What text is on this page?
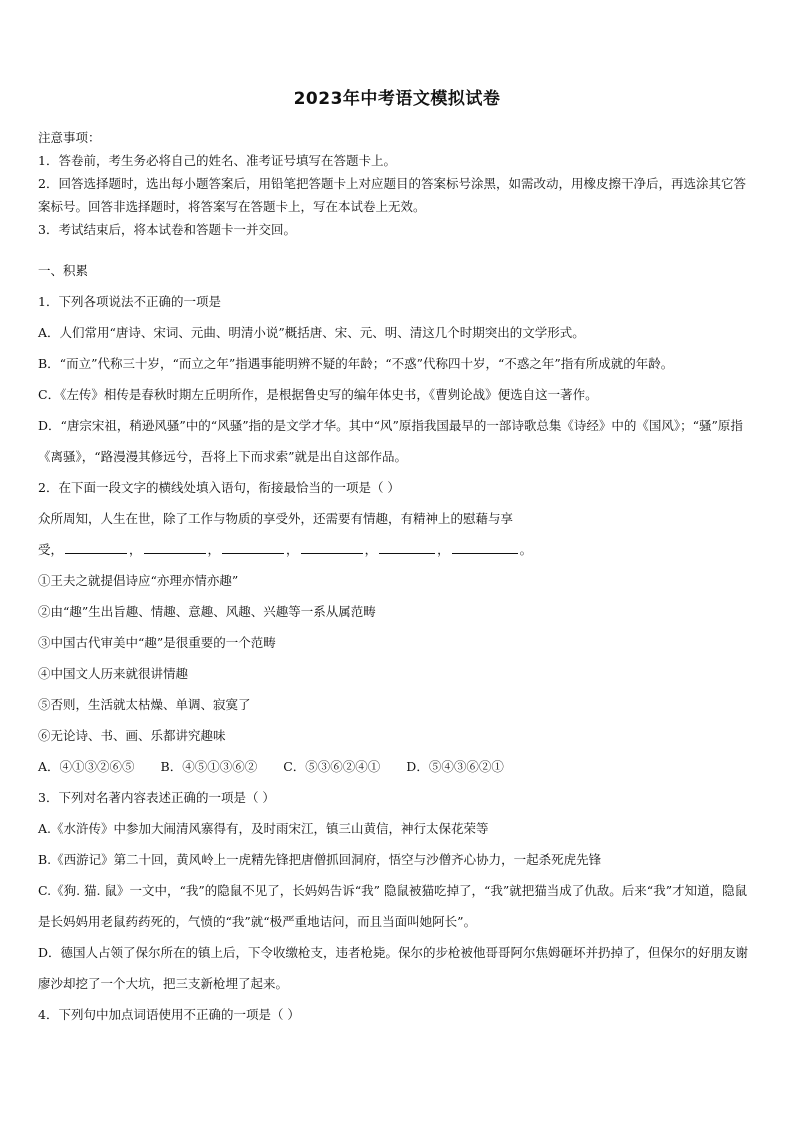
2023年中考语文模拟试卷
注意事项：
1．答卷前，考生务必将自己的姓名、准考证号填写在答题卡上。
2．回答选择题时，选出每小题答案后，用铅笔把答题卡上对应题目的答案标号涂黑，如需改动，用橡皮擦干净后，再选涂其它答案标号。回答非选择题时，将答案写在答题卡上，写在本试卷上无效。
3．考试结束后，将本试卷和答题卡一并交回。
一、积累
1．下列各项说法不正确的一项是
A．人们常用“唐诗、宋词、元曲、明清小说”概括唐、宋、元、明、清这几个时期突出的文学形式。
B．“而立”代称三十岁，“而立之年”指遇事能明辨不疑的年龄；“不惑”代称四十岁，“不惑之年”指有所成就的年龄。
C．《左传》相传是春秋时期左丘明所作，是根据鲁史写的编年体史书，《曹刿论战》便选自这一著作。
D．“唐宗宋祖，稍逊风骚”中的“风骚”指的是文学才华。其中“风”原指我国最早的一部诗歌总集《诗经》中的《国风》；“骚”原指《离骚》，“路漫漫其修远兮，吾将上下而求索”就是出自这部作品。
2．在下面一段文字的横线处填入语句，衔接最恰当的一项是（ ）
众所周知，人生在世，除了工作与物质的享受外，还需要有情趣，有精神上的慰藉与享
受，	，	，	，	，	，	。
①王夫之就提倡诗应“亦理亦情亦趣”
②由“趣”生出旨趣、情趣、意趣、风趣、兴趣等一系从属范畴
③中国古代审美中“趣”是很重要的一个范畴
④中国文人历来就很讲情趣
⑤否则，生活就太枯燥、单调、寂寞了
⑥无论诗、书、画、乐都讲究趣味
A．④①③②⑥⑤ B．④⑤①③⑥② C．⑤③⑥②④① D．⑤④③⑥②①
3．下列对名著内容表述正确的一项是（ ）
A.《水浒传》中参加大闹清风寨得有，及时雨宋江，镇三山黄信，神行太保花荣等
B.《西游记》第二十回，黄风岭上一虎精先锋把唐僧抓回洞府，悟空与沙僧齐心协力，一起杀死虎先锋
C.《狗. 猫. 鼠》一文中，“我”的隐鼠不见了，长妈妈告诉“我” 隐鼠被猫吃掉了，“我”就把猫当成了仇敌。后来“我”才知道，隐鼠是长妈妈用老鼠药药死的，气愤的“我”就“极严重地诘问，而且当面叫她阿长”。
D．德国人占领了保尔所在的镇上后，下令收缴枪支，违者枪毙。保尔的步枪被他哥哥阿尔焦姆砸坏并扔掉了，但保尔的好朋友谢廖沙却挖了一个大坑，把三支新枪埋了起来。
4．下列句中加点词语使用不正确的一项是（ ）
